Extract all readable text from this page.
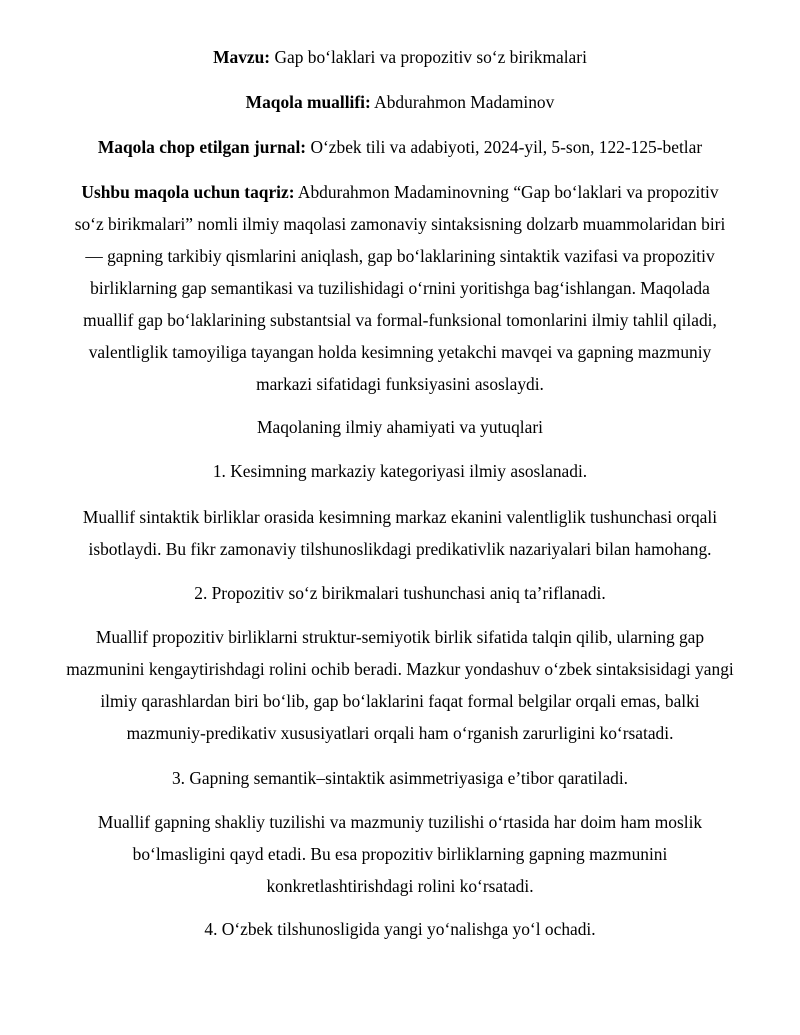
Mavzu: Gap bo‘laklari va propozitiv so‘z birikmalari
Maqola muallifi: Abdurahmon Madaminov
Maqola chop etilgan jurnal: O‘zbek tili va adabiyoti, 2024-yil, 5-son, 122-125-betlar
Ushbu maqola uchun taqriz: Abdurahmon Madaminovning “Gap bo‘laklari va propozitiv
so‘z birikmalari” nomli ilmiy maqolasi zamonaviy sintaksisning dolzarb muammolaridan biri
— gapning tarkibiy qismlarini aniqlash, gap bo‘laklarining sintaktik vazifasi va propozitiv
birliklarning gap semantikasi va tuzilishidagi o‘rnini yoritishga bag‘ishlangan. Maqolada
muallif gap bo‘laklarining substantsial va formal-funksional tomonlarini ilmiy tahlil qiladi,
valentliglik tamoyiliga tayangan holda kesimning yetakchi mavqei va gapning mazmuniy
markazi sifatidagi funksiyasini asoslaydi.
Maqolaning ilmiy ahamiyati va yutuqlari
1. Kesimning markaziy kategoriyasi ilmiy asoslanadi.
Muallif sintaktik birliklar orasida kesimning markaz ekanini valentliglik tushunchasi orqali
isbotlaydi. Bu fikr zamonaviy tilshunoslikdagi predikativlik nazariyalari bilan hamohang.
2. Propozitiv so‘z birikmalari tushunchasi aniq ta’riflanadi.
Muallif propozitiv birliklarni struktur-semiyotik birlik sifatida talqin qilib, ularning gap
mazmunini kengaytirishdagi rolini ochib beradi. Mazkur yondashuv o‘zbek sintaksisidagi yangi
ilmiy qarashlardan biri bo‘lib, gap bo‘laklarini faqat formal belgilar orqali emas, balki
mazmuniy-predikativ xususiyatlari orqali ham o‘rganish zarurligini ko‘rsatadi.
3. Gapning semantik–sintaktik asimmetriyasiga e’tibor qaratiladi.
Muallif gapning shakliy tuzilishi va mazmuniy tuzilishi o‘rtasida har doim ham moslik
bo‘lmasligini qayd etadi. Bu esa propozitiv birliklarning gapning mazmunini
konkretlashtirishdagi rolini ko‘rsatadi.
4. O‘zbek tilshunosligida yangi yo‘nalishga yo‘l ochadi.
